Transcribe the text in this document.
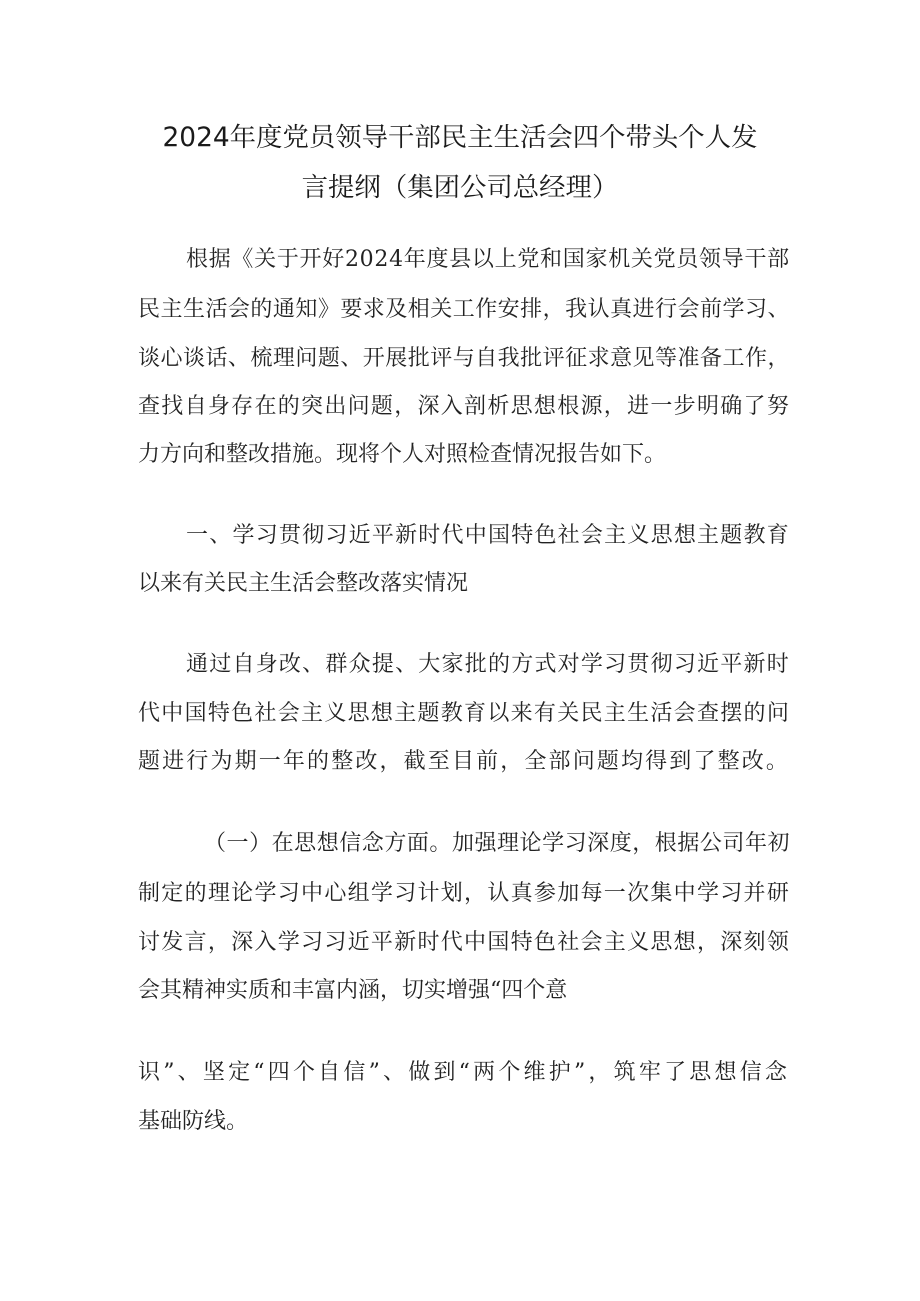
2024年度党员领导干部民主生活会四个带头个人发
言提纲（集团公司总经理）
根据《关于开好2024年度县以上党和国家机关党员领导干部
民主生活会的通知》要求及相关工作安排，我认真进行会前学习、
谈心谈话、梳理问题、开展批评与自我批评征求意见等准备工作，
查找自身存在的突出问题，深入剖析思想根源，进一步明确了努
力方向和整改措施。现将个人对照检查情况报告如下。
一、学习贯彻习近平新时代中国特色社会主义思想主题教育
以来有关民主生活会整改落实情况
通过自身改、群众提、大家批的方式对学习贯彻习近平新时
代中国特色社会主义思想主题教育以来有关民主生活会查摆的问
题进行为期一年的整改，截至目前，全部问题均得到了整改。
（一）在思想信念方面。加强理论学习深度，根据公司年初
制定的理论学习中心组学习计划，认真参加每一次集中学习并研
讨发言，深入学习习近平新时代中国特色社会主义思想，深刻领
会其精神实质和丰富内涵，切实增强“四个意
识”、坚定“四个自信”、做到“两个维护”，筑牢了思想信念
基础防线。
